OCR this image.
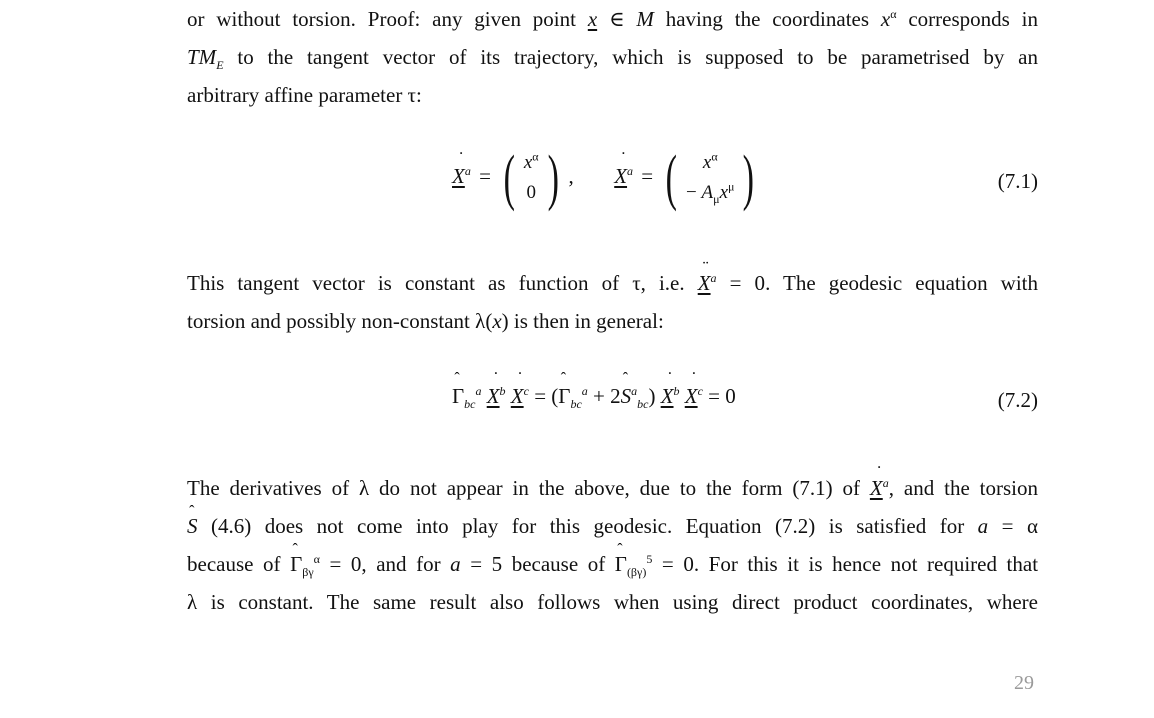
or without torsion. Proof: any given point x ∈ M having the coordinates $x^\alpha$ corresponds in

$TM_E$ to the tangent vector of its trajectory, which is supposed to be parametrised by an

arbitrary affine parameter τ:

˙ $X^a$ = ( $x^\alpha$
0 ) , ˙ $X^a$ = ( $x^\alpha$
− $A_\mu x^\mu$ )	(7.1)

This tangent vector is constant as function of τ, i.e. ¨ $X^a = 0$. The geodesic equation with

torsion and possibly non-constant λ(x) is then in general:

ˆ $\Gamma_{bc}^a$ ˙ $X^b$ ˙ $X^c$ = (ˆ $\Gamma_{bc}^a$ + 2ˆ $S^a_{bc}$) ˙ $X^b$ ˙ $X^c = 0$	(7.2)

The derivatives of λ do not appear in the above, due to the form (7.1) of ˙ $X^a$, and the torsion

ˆ S (4.6) does not come into play for this geodesic. Equation (7.2) is satisfied for a = α

because of ˆ $\Gamma_{\beta\gamma}^\alpha = 0$, and for a = 5 because of ˆ $\Gamma_{(\beta\gamma)}^5 = 0$. For this it is hence not required that

λ is constant. The same result also follows when using direct product coordinates, where

29
